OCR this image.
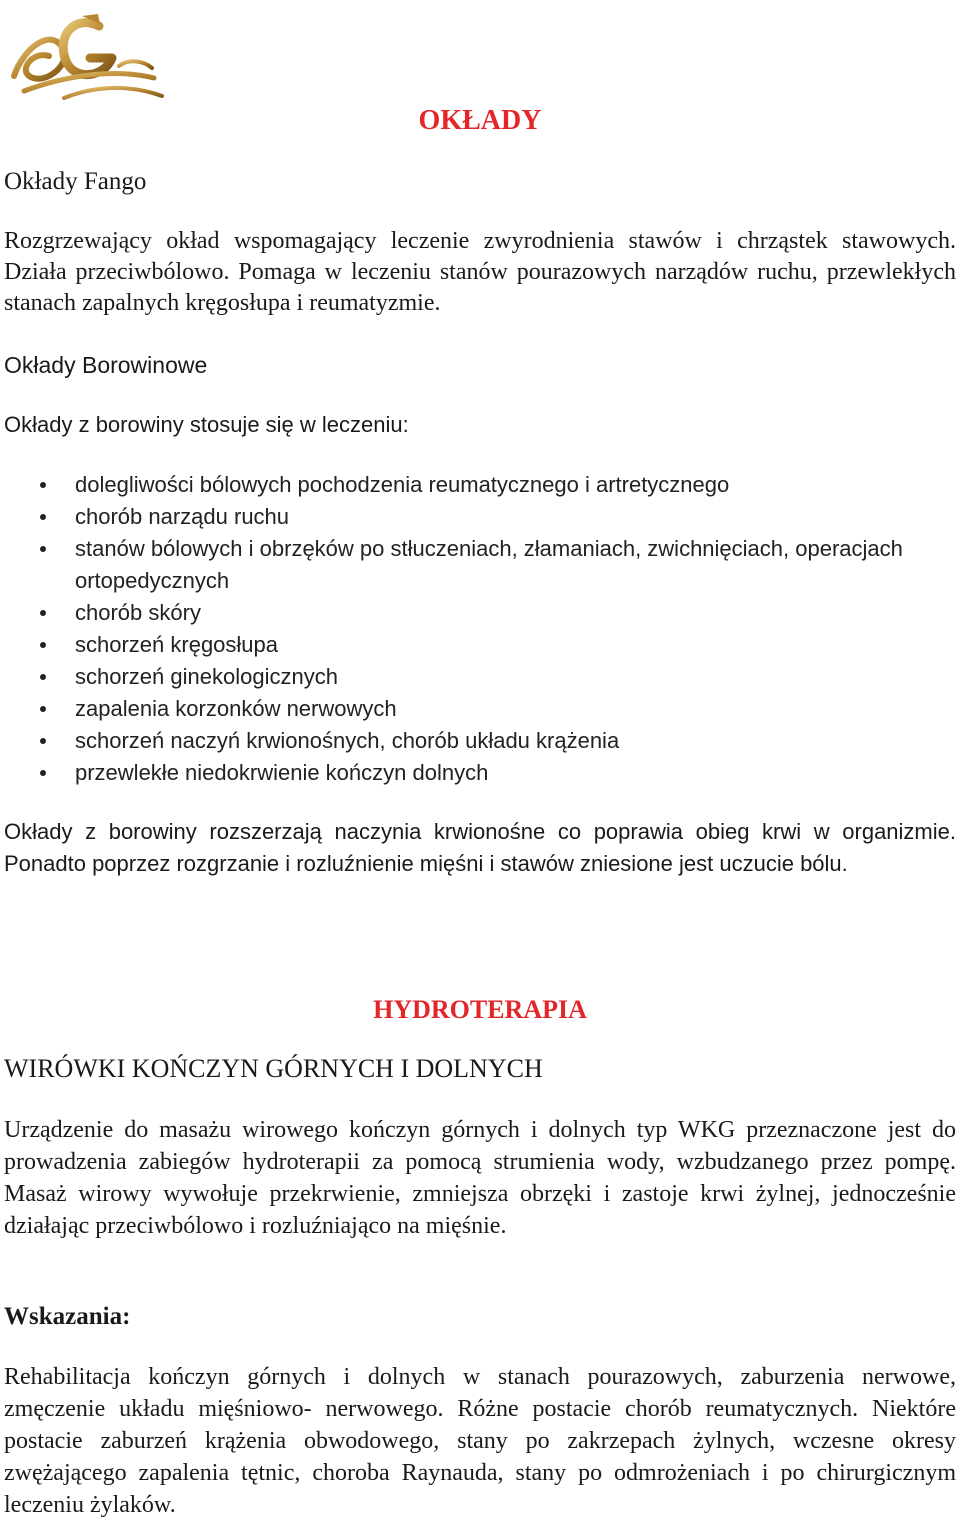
OKŁADY
Okłady Fango

Rozgrzewający okład wspomagający leczenie zwyrodnienia stawów i chrząstek stawowych. Działa przeciwbólowo. Pomaga w leczeniu stanów pourazowych narządów ruchu, przewlekłych stanach zapalnych kręgosłupa i reumatyzmie.

Okłady Borowinowe

Okłady z borowiny stosuje się w leczeniu:

dolegliwości bólowych pochodzenia reumatycznego i artretycznego
chorób narządu ruchu
stanów bólowych i obrzęków po stłuczeniach, złamaniach, zwichnięciach, operacjach ortopedycznych
chorób skóry
schorzeń kręgosłupa
schorzeń ginekologicznych
zapalenia korzonków nerwowych
schorzeń naczyń krwionośnych, chorób układu krążenia
przewlekłe niedokrwienie kończyn dolnych

Okłady z borowiny rozszerzają naczynia krwionośne co poprawia obieg krwi w organizmie. Ponadto poprzez rozgrzanie i rozluźnienie mięśni i stawów zniesione jest uczucie bólu.

HYDROTERAPIA
WIRÓWKI KOŃCZYN GÓRNYCH I DOLNYCH

Urządzenie do masażu wirowego kończyn górnych i dolnych typ WKG przeznaczone jest do prowadzenia zabiegów hydroterapii za pomocą strumienia wody, wzbudzanego przez pompę. Masaż wirowy wywołuje przekrwienie, zmniejsza obrzęki i zastoje krwi żylnej, jednocześnie działając przeciwbólowo i rozluźniająco na mięśnie.

Wskazania:

Rehabilitacja kończyn górnych i dolnych w stanach pourazowych, zaburzenia nerwowe, zmęczenie układu mięśniowo- nerwowego. Różne postacie chorób reumatycznych. Niektóre postacie zaburzeń krążenia obwodowego, stany po zakrzepach żylnych, wczesne okresy zwężającego zapalenia tętnic, choroba Raynauda, stany po odmrożeniach i po chirurgicznym leczeniu żylaków.
